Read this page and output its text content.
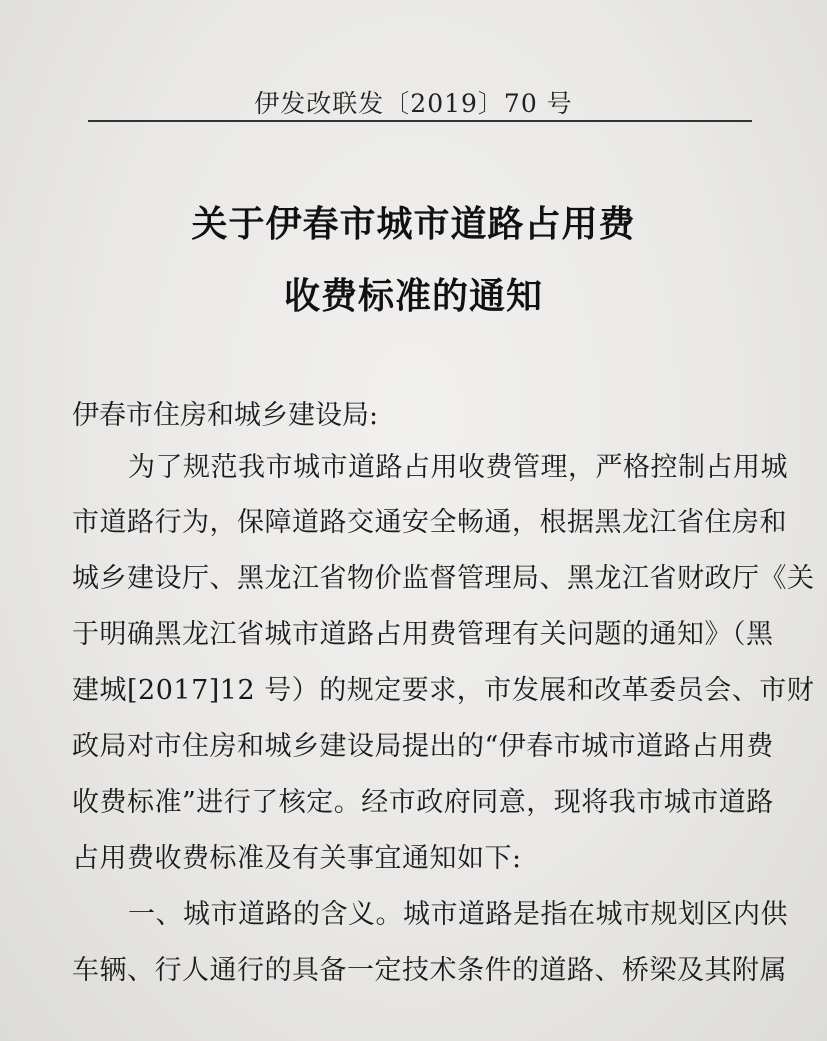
伊发改联发〔2019〕70 号
关于伊春市城市道路占用费
收费标准的通知
伊春市住房和城乡建设局:
为了规范我市城市道路占用收费管理，严格控制占用城
市道路行为，保障道路交通安全畅通，根据黑龙江省住房和
城乡建设厅、黑龙江省物价监督管理局、黑龙江省财政厅《关
于明确黑龙江省城市道路占用费管理有关问题的通知》（黑
建城[2017]12 号）的规定要求，市发展和改革委员会、市财
政局对市住房和城乡建设局提出的“伊春市城市道路占用费
收费标准”进行了核定。经市政府同意，现将我市城市道路
占用费收费标准及有关事宜通知如下:
一、城市道路的含义。城市道路是指在城市规划区内供
车辆、行人通行的具备一定技术条件的道路、桥梁及其附属
